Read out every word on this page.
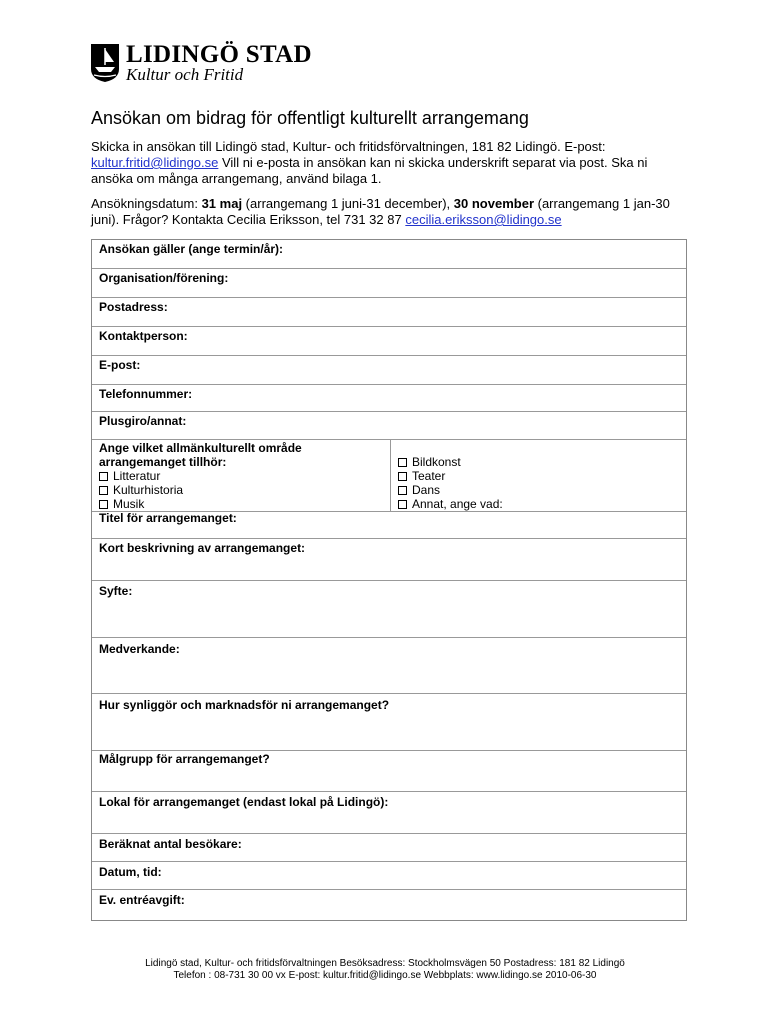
LIDINGÖ STAD
Kultur och Fritid
Ansökan om bidrag för offentligt kulturellt arrangemang
Skicka in ansökan till Lidingö stad, Kultur- och fritidsförvaltningen, 181 82 Lidingö. E-post: kultur.fritid@lidingo.se Vill ni e-posta in ansökan kan ni skicka underskrift separat via post. Ska ni ansöka om många arrangemang, använd bilaga 1.
Ansökningsdatum: 31 maj (arrangemang 1 juni-31 december), 30 november (arrangemang 1 jan-30 juni). Frågor? Kontakta Cecilia Eriksson, tel 731 32 87 cecilia.eriksson@lidingo.se
Ansökan gäller (ange termin/år):
Organisation/förening:
Postadress:
Kontaktperson:
E-post:
Telefonnummer:
Plusgiro/annat:
Ange vilket allmänkulturellt område
arrangemanget tillhör:
Litteratur
Kulturhistoria
Musik
Bildkonst
Teater
Dans
Annat, ange vad:
Titel för arrangemanget:
Kort beskrivning av arrangemanget:
Syfte:
Medverkande:
Hur synliggör och marknadsför ni arrangemanget?
Målgrupp för arrangemanget?
Lokal för arrangemanget (endast lokal på Lidingö):
Beräknat antal besökare:
Datum, tid:
Ev. entréavgift:
Lidingö stad, Kultur- och fritidsförvaltningen Besöksadress: Stockholmsvägen 50 Postadress: 181 82 Lidingö
Telefon : 08-731 30 00 vx E-post: kultur.fritid@lidingo.se Webbplats: www.lidingo.se 2010-06-30
